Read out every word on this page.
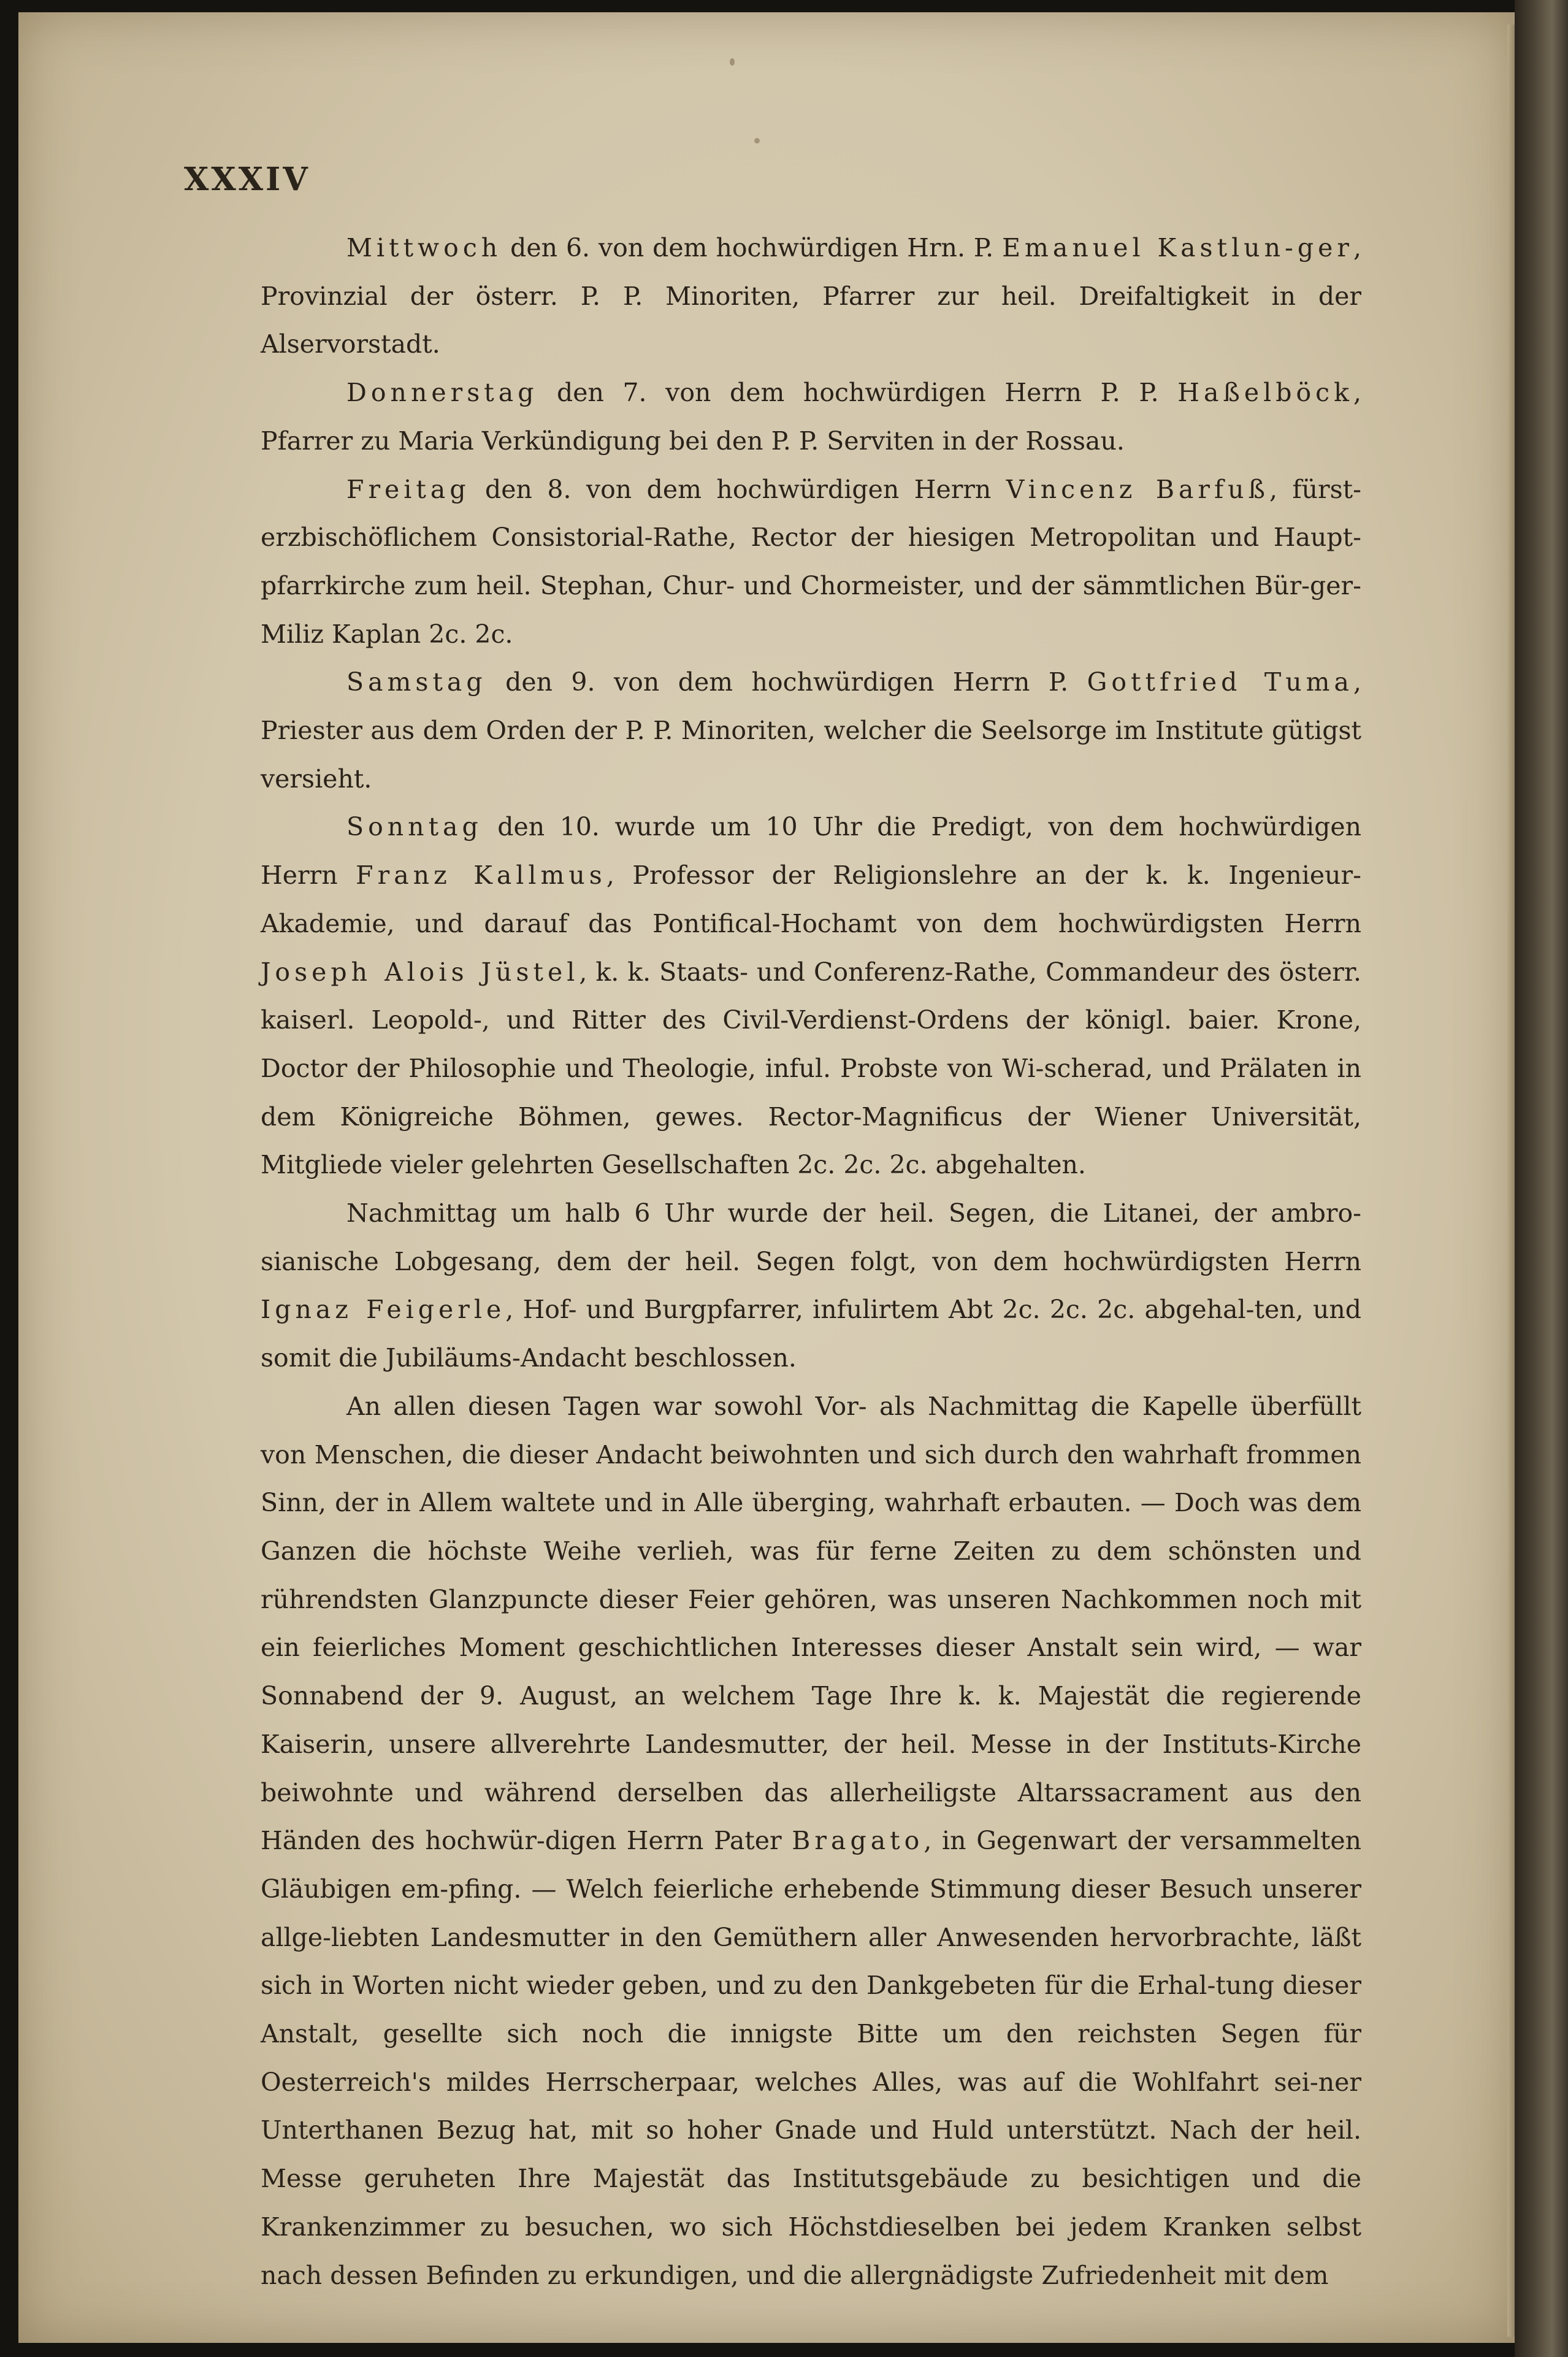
XXXIV

Mittwoch den 6. von dem hochwürdigen Hrn. P. Emanuel Kastlun-ger, Provinzial der österr. P. P. Minoriten, Pfarrer zur heil. Dreifaltigkeit in der Alservorstadt.

Donnerstag den 7. von dem hochwürdigen Herrn P. P. Haßelböck, Pfarrer zu Maria Verkündigung bei den P. P. Serviten in der Rossau.

Freitag den 8. von dem hochwürdigen Herrn Vincenz Barfuß, fürst-erzbischöflichem Consistorial-Rathe, Rector der hiesigen Metropolitan und Haupt-pfarrkirche zum heil. Stephan, Chur- und Chormeister, und der sämmtlichen Bür-ger-Miliz Kaplan 2c. 2c.

Samstag den 9. von dem hochwürdigen Herrn P. Gottfried Tuma, Priester aus dem Orden der P. P. Minoriten, welcher die Seelsorge im Institute gütigst versieht.

Sonntag den 10. wurde um 10 Uhr die Predigt, von dem hochwürdigen Herrn Franz Kallmus, Professor der Religionslehre an der k. k. Ingenieur-Akademie, und darauf das Pontifical-Hochamt von dem hochwürdigsten Herrn Joseph Alois Jüstel, k. k. Staats- und Conferenz-Rathe, Commandeur des österr. kaiserl. Leopold-, und Ritter des Civil-Verdienst-Ordens der königl. baier. Krone, Doctor der Philosophie und Theologie, inful. Probste von Wi-scherad, und Prälaten in dem Königreiche Böhmen, gewes. Rector-Magnificus der Wiener Universität, Mitgliede vieler gelehrten Gesellschaften 2c. 2c. 2c. abgehalten.

Nachmittag um halb 6 Uhr wurde der heil. Segen, die Litanei, der ambro-sianische Lobgesang, dem der heil. Segen folgt, von dem hochwürdigsten Herrn Ignaz Feigerle, Hof- und Burgpfarrer, infulirtem Abt 2c. 2c. 2c. abgehal-ten, und somit die Jubiläums-Andacht beschlossen.

An allen diesen Tagen war sowohl Vor- als Nachmittag die Kapelle überfüllt von Menschen, die dieser Andacht beiwohnten und sich durch den wahrhaft frommen Sinn, der in Allem waltete und in Alle überging, wahrhaft erbauten. — Doch was dem Ganzen die höchste Weihe verlieh, was für ferne Zeiten zu dem schönsten und rührendsten Glanzpuncte dieser Feier gehören, was unseren Nachkommen noch mit ein feierliches Moment geschichtlichen Interesses dieser Anstalt sein wird, — war Sonnabend der 9. August, an welchem Tage Ihre k. k. Majestät die regierende Kaiserin, unsere allverehrte Landesmutter, der heil. Messe in der Instituts-Kirche beiwohnte und während derselben das allerheiligste Altarssacrament aus den Händen des hochwür-digen Herrn Pater Bragato, in Gegenwart der versammelten Gläubigen em-pfing. — Welch feierliche erhebende Stimmung dieser Besuch unserer allge-liebten Landesmutter in den Gemüthern aller Anwesenden hervorbrachte, läßt sich in Worten nicht wieder geben, und zu den Dankgebeten für die Erhal-tung dieser Anstalt, gesellte sich noch die innigste Bitte um den reichsten Segen für Oesterreich's mildes Herrscherpaar, welches Alles, was auf die Wohlfahrt sei-ner Unterthanen Bezug hat, mit so hoher Gnade und Huld unterstützt. Nach der heil. Messe geruheten Ihre Majestät das Institutsgebäude zu besichtigen und die Krankenzimmer zu besuchen, wo sich Höchstdieselben bei jedem Kranken selbst nach dessen Befinden zu erkundigen, und die allergnädigste Zufriedenheit mit dem
